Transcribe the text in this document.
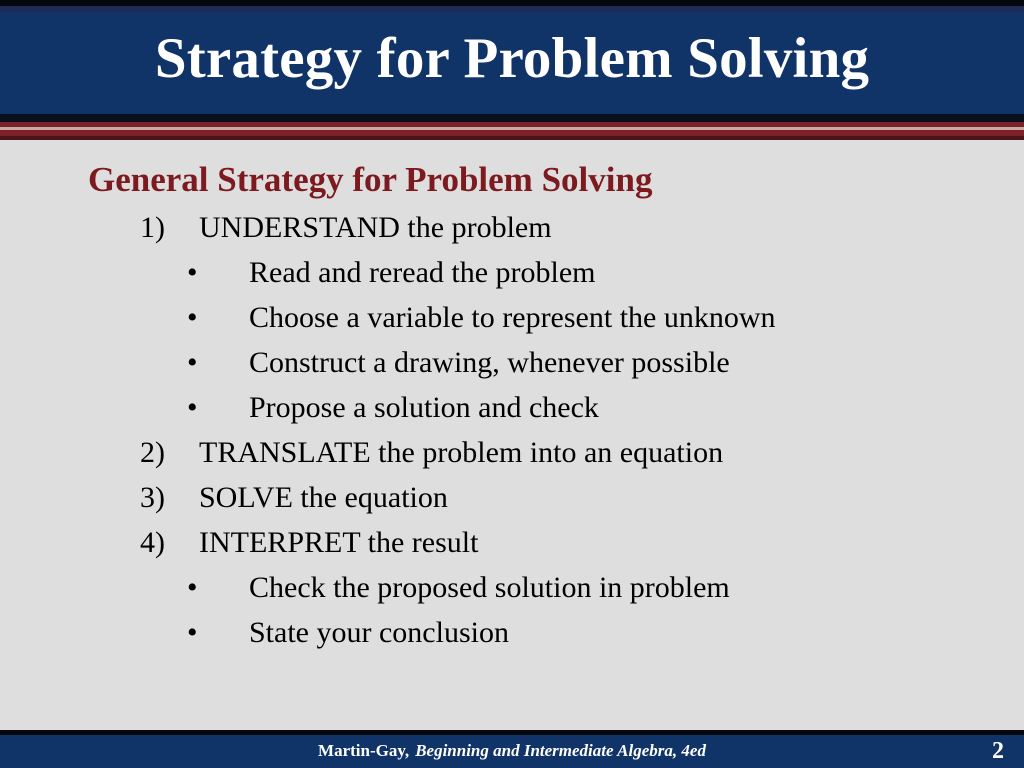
Strategy for Problem Solving
General Strategy for Problem Solving
1)	UNDERSTAND the problem
•	Read and reread the problem
•	Choose a variable to represent the unknown
•	Construct a drawing, whenever possible
•	Propose a solution and check
2)	TRANSLATE the problem into an equation
3)	SOLVE the equation
4)	INTERPRET the result
•	Check the proposed solution in problem
•	State your conclusion
Martin-Gay, Beginning and Intermediate Algebra, 4ed	2
